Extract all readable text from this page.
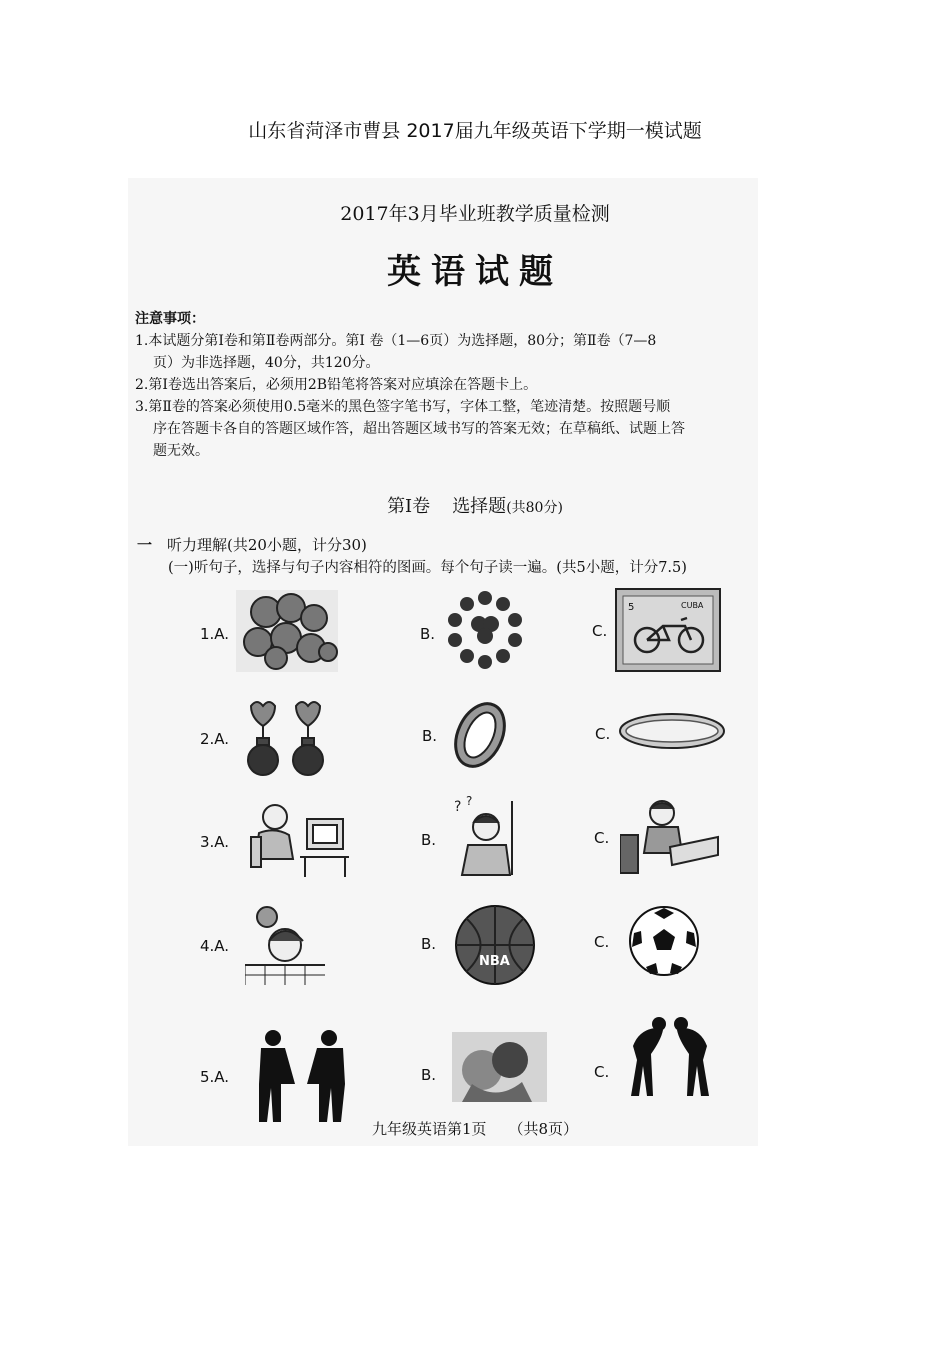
山东省菏泽市曹县 2017届九年级英语下学期一模试题
2017年3月毕业班教学质量检测
英语试题
注意事项：
1.本试题分第Ⅰ卷和第Ⅱ卷两部分。第Ⅰ 卷（1—6页）为选择题，80分；第Ⅱ卷（7—8
页）为非选择题，40分，共120分。
2.第Ⅰ卷选出答案后，必须用2B铅笔将答案对应填涂在答题卡上。
3.第Ⅱ卷的答案必须使用0.5毫米的黑色签字笔书写，字体工整，笔迹清楚。按照题号顺
序在答题卡各自的答题区域作答，超出答题区域书写的答案无效；在草稿纸、试题上答
题无效。
第Ⅰ卷 选择题(共80分)
一 听力理解(共20小题，计分30)
(一)听句子，选择与句子内容相符的图画。每个句子读一遍。(共5小题，计分7.5)
1.A.	B.	C.
5	CUBA
2.A.	B.	C.
3.A.	B.
? ?
C.
4.A.	B.
NBA
C.
5.A.	B.	C.
九年级英语第1页 （共8页）
